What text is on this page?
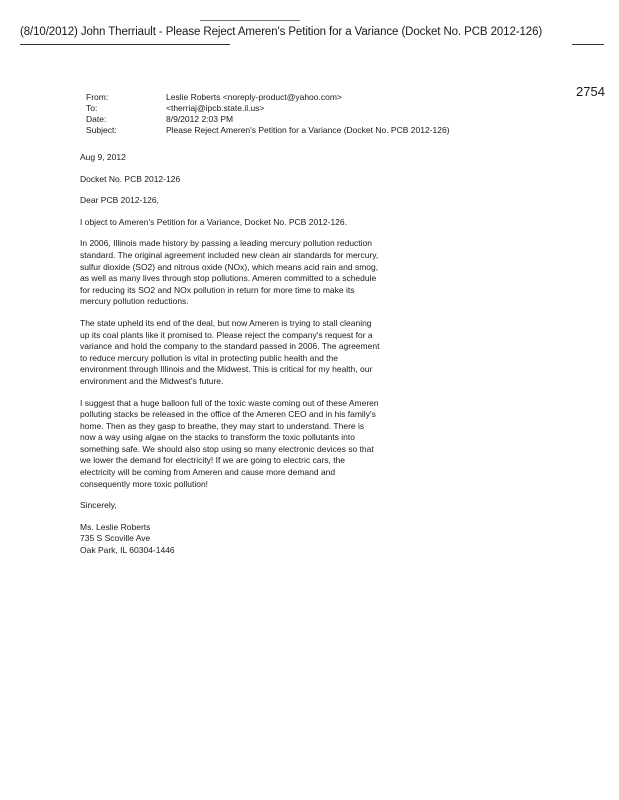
(8/10/2012) John Therriault - Please Reject Ameren's Petition for a Variance (Docket No. PCB 2012-126)
2754
From:	Leslie Roberts <noreply-product@yahoo.com>
To:	<therriaj@ipcb.state.il.us>
Date:	8/9/2012 2:03 PM
Subject:	Please Reject Ameren's Petition for a Variance (Docket No. PCB 2012-126)

Aug 9, 2012

Docket No. PCB 2012-126

Dear PCB 2012-126,

I object to Ameren's Petition for a Variance, Docket No. PCB 2012-126.

In 2006, Illinois made history by passing a leading mercury pollution reduction standard. The original agreement included new clean air standards for mercury, sulfur dioxide (SO2) and nitrous oxide (NOx), which means acid rain and smog, as well as many lives through stop pollutions. Ameren committed to a schedule for reducing its SO2 and NOx pollution in return for more time to make its mercury pollution reductions.

The state upheld its end of the deal, but now Ameren is trying to stall cleaning up its coal plants like it promised to. Please reject the company's request for a variance and hold the company to the standard passed in 2006. The agreement to reduce mercury pollution is vital in protecting public health and the environment through Illinois and the Midwest. This is critical for my health, our environment and the Midwest's future.

I suggest that a huge balloon full of the toxic waste coming out of these Ameren polluting stacks be released in the office of the Ameren CEO and in his family's home. Then as they gasp to breathe, they may start to understand. There is now a way using algae on the stacks to transform the toxic pollutants into something safe. We should also stop using so many electronic devices so that we lower the demand for electricity! If we are going to electric cars, the electricity will be coming from Ameren and cause more demand and consequently more toxic pollution!

Sincerely,

Ms. Leslie Roberts

735 S Scoville Ave

Oak Park, IL 60304-1446
